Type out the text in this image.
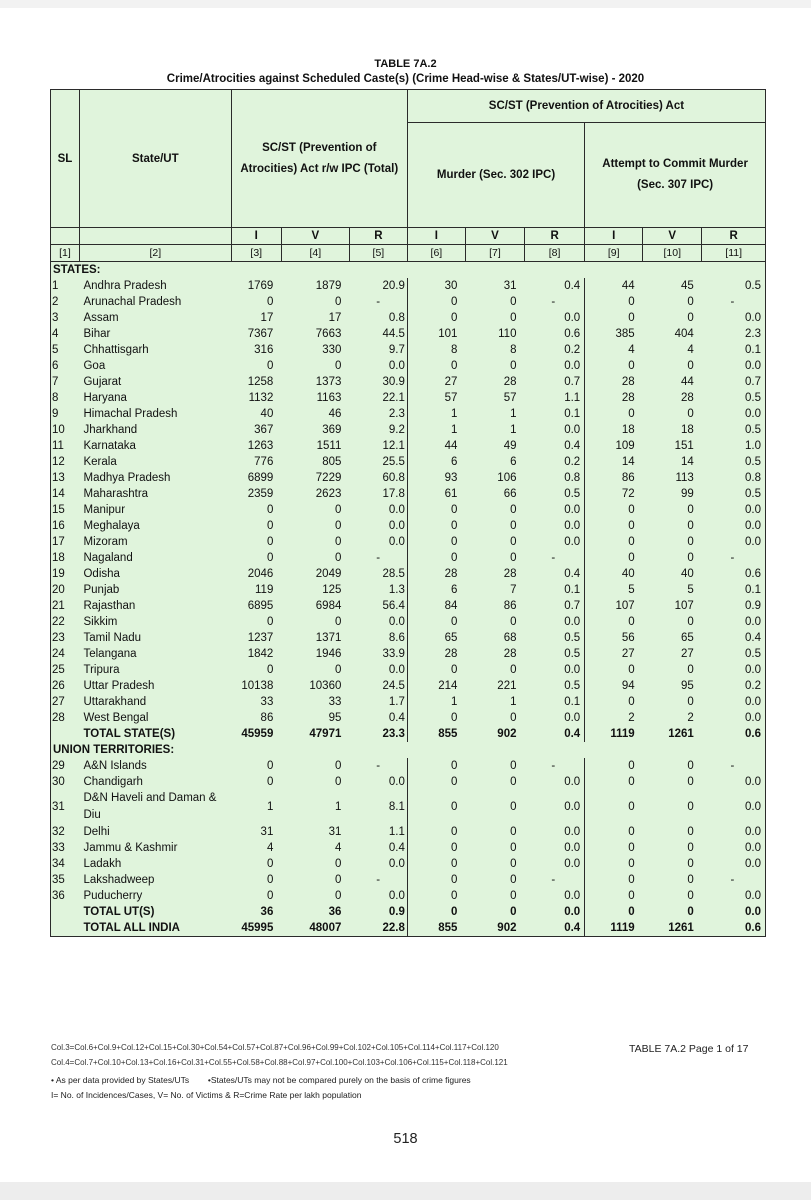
TABLE 7A.2
Crime/Atrocities against Scheduled Caste(s) (Crime Head-wise & States/UT-wise) - 2020
SL	State/UT	SC/ST (Prevention of Atrocities) Act r/w IPC (Total)			SC/ST (Prevention of Atrocities) Act					
					Murder (Sec. 302 IPC)			Attempt to Commit Murder (Sec. 307 IPC)		

		I	V	R	I	V	R	I	V	R
[1]	[2]	[3]	[4]	[5]	[6]	[7]	[8]	[9]	[10]	[11]
STATES:										
1	Andhra Pradesh	1769	1879	20.9	30	31	0.4	44	45	0.5
2	Arunachal Pradesh	0	0	-	0	0	-	0	0	-
3	Assam	17	17	0.8	0	0	0.0	0	0	0.0
4	Bihar	7367	7663	44.5	101	110	0.6	385	404	2.3
5	Chhattisgarh	316	330	9.7	8	8	0.2	4	4	0.1
6	Goa	0	0	0.0	0	0	0.0	0	0	0.0
7	Gujarat	1258	1373	30.9	27	28	0.7	28	44	0.7
8	Haryana	1132	1163	22.1	57	57	1.1	28	28	0.5
9	Himachal Pradesh	40	46	2.3	1	1	0.1	0	0	0.0
10	Jharkhand	367	369	9.2	1	1	0.0	18	18	0.5
11	Karnataka	1263	1511	12.1	44	49	0.4	109	151	1.0
12	Kerala	776	805	25.5	6	6	0.2	14	14	0.5
13	Madhya Pradesh	6899	7229	60.8	93	106	0.8	86	113	0.8
14	Maharashtra	2359	2623	17.8	61	66	0.5	72	99	0.5
15	Manipur	0	0	0.0	0	0	0.0	0	0	0.0
16	Meghalaya	0	0	0.0	0	0	0.0	0	0	0.0
17	Mizoram	0	0	0.0	0	0	0.0	0	0	0.0
18	Nagaland	0	0	-	0	0	-	0	0	-
19	Odisha	2046	2049	28.5	28	28	0.4	40	40	0.6
20	Punjab	119	125	1.3	6	7	0.1	5	5	0.1
21	Rajasthan	6895	6984	56.4	84	86	0.7	107	107	0.9
22	Sikkim	0	0	0.0	0	0	0.0	0	0	0.0
23	Tamil Nadu	1237	1371	8.6	65	68	0.5	56	65	0.4
24	Telangana	1842	1946	33.9	28	28	0.5	27	27	0.5
25	Tripura	0	0	0.0	0	0	0.0	0	0	0.0
26	Uttar Pradesh	10138	10360	24.5	214	221	0.5	94	95	0.2
27	Uttarakhand	33	33	1.7	1	1	0.1	0	0	0.0
28	West Bengal	86	95	0.4	0	0	0.0	2	2	0.0
	TOTAL STATE(S)	45959	47971	23.3	855	902	0.4	1119	1261	0.6
UNION TERRITORIES:										
29	A&N Islands	0	0	-	0	0	-	0	0	-
30	Chandigarh	0	0	0.0	0	0	0.0	0	0	0.0
31	D&N Haveli and Daman & Diu	1	1	8.1	0	0	0.0	0	0	0.0
32	Delhi	31	31	1.1	0	0	0.0	0	0	0.0
33	Jammu & Kashmir	4	4	0.4	0	0	0.0	0	0	0.0
34	Ladakh	0	0	0.0	0	0	0.0	0	0	0.0
35	Lakshadweep	0	0	-	0	0	-	0	0	-
36	Puducherry	0	0	0.0	0	0	0.0	0	0	0.0
	TOTAL UT(S)	36	36	0.9	0	0	0.0	0	0	0.0
	TOTAL ALL INDIA	45995	48007	22.8	855	902	0.4	1119	1261	0.6
Col.3=Col.6+Col.9+Col.12+Col.15+Col.30+Col.54+Col.57+Col.87+Col.96+Col.99+Col.102+Col.105+Col.114+Col.117+Col.120	TABLE 7A.2 Page 1 of 17
Col.4=Col.7+Col.10+Col.13+Col.16+Col.31+Col.55+Col.58+Col.88+Col.97+Col.100+Col.103+Col.106+Col.115+Col.118+Col.121
• As per data provided by States/UTs •States/UTs may not be compared purely on the basis of crime figures
I= No. of Incidences/Cases, V= No. of Victims & R=Crime Rate per lakh population
518
